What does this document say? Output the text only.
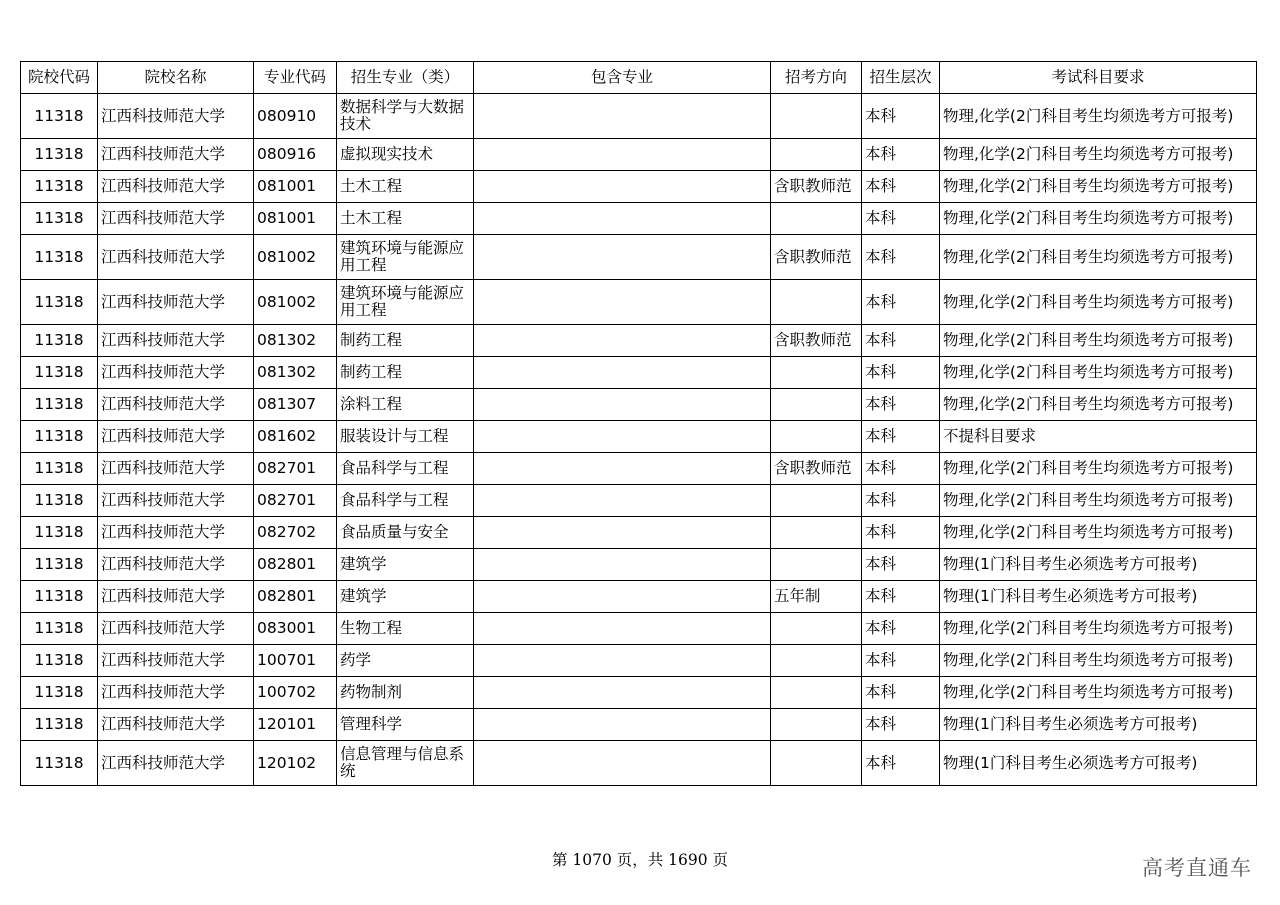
院校代码	院校名称	专业代码	招生专业（类）	包含专业	招考方向	招生层次	考试科目要求
11318	江西科技师范大学	080910	数据科学与大数据技术			本科	物理,化学(2门科目考生均须选考方可报考)
11318	江西科技师范大学	080916	虚拟现实技术			本科	物理,化学(2门科目考生均须选考方可报考)
11318	江西科技师范大学	081001	土木工程		含职教师范	本科	物理,化学(2门科目考生均须选考方可报考)
11318	江西科技师范大学	081001	土木工程			本科	物理,化学(2门科目考生均须选考方可报考)
11318	江西科技师范大学	081002	建筑环境与能源应用工程		含职教师范	本科	物理,化学(2门科目考生均须选考方可报考)
11318	江西科技师范大学	081002	建筑环境与能源应用工程			本科	物理,化学(2门科目考生均须选考方可报考)
11318	江西科技师范大学	081302	制药工程		含职教师范	本科	物理,化学(2门科目考生均须选考方可报考)
11318	江西科技师范大学	081302	制药工程			本科	物理,化学(2门科目考生均须选考方可报考)
11318	江西科技师范大学	081307	涂料工程			本科	物理,化学(2门科目考生均须选考方可报考)
11318	江西科技师范大学	081602	服装设计与工程			本科	不提科目要求
11318	江西科技师范大学	082701	食品科学与工程		含职教师范	本科	物理,化学(2门科目考生均须选考方可报考)
11318	江西科技师范大学	082701	食品科学与工程			本科	物理,化学(2门科目考生均须选考方可报考)
11318	江西科技师范大学	082702	食品质量与安全			本科	物理,化学(2门科目考生均须选考方可报考)
11318	江西科技师范大学	082801	建筑学			本科	物理(1门科目考生必须选考方可报考)
11318	江西科技师范大学	082801	建筑学		五年制	本科	物理(1门科目考生必须选考方可报考)
11318	江西科技师范大学	083001	生物工程			本科	物理,化学(2门科目考生均须选考方可报考)
11318	江西科技师范大学	100701	药学			本科	物理,化学(2门科目考生均须选考方可报考)
11318	江西科技师范大学	100702	药物制剂			本科	物理,化学(2门科目考生均须选考方可报考)
11318	江西科技师范大学	120101	管理科学			本科	物理(1门科目考生必须选考方可报考)
11318	江西科技师范大学	120102	信息管理与信息系统			本科	物理(1门科目考生必须选考方可报考)
第 1070 页，共 1690 页	高考直通车
